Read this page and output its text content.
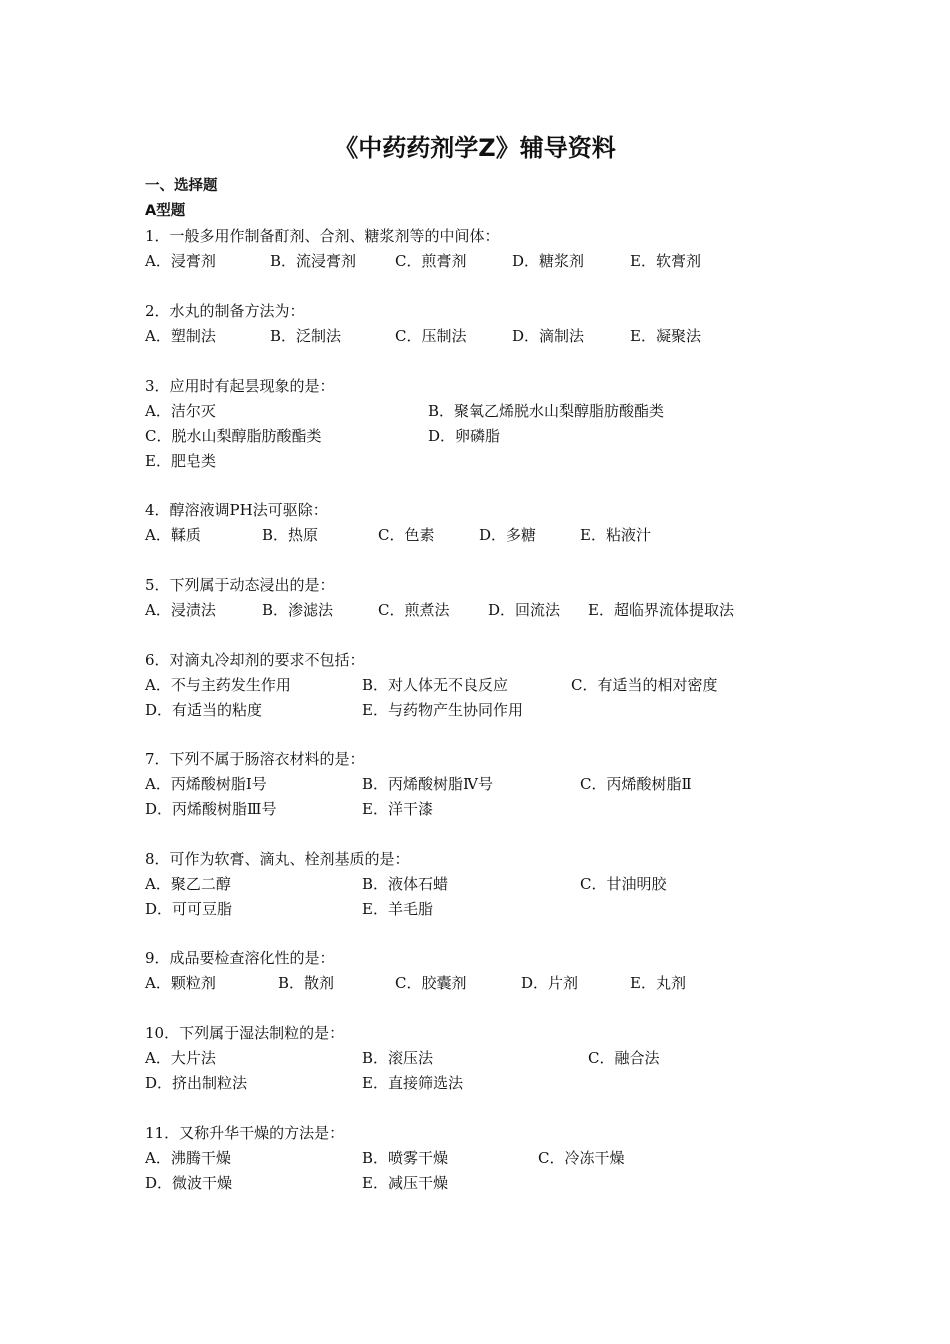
《中药药剂学Z》辅导资料
一、选择题
A型题
1．一般多用作制备酊剂、合剂、糖浆剂等的中间体：
A．浸膏剂	B．流浸膏剂	C．煎膏剂	D．糖浆剂	E．软膏剂
2．水丸的制备方法为：
A．塑制法	B．泛制法	C．压制法	D．滴制法	E．凝聚法
3．应用时有起昙现象的是：
A．洁尔灭	B．聚氧乙烯脱水山梨醇脂肪酸酯类
C．脱水山梨醇脂肪酸酯类	D．卵磷脂
E．肥皂类
4．醇溶液调PH法可驱除：
A．鞣质	B．热原	C．色素	D．多糖	E．粘液汁
5．下列属于动态浸出的是：
A．浸渍法	B．渗滤法	C．煎煮法	D．回流法 E．超临界流体提取法
6．对滴丸冷却剂的要求不包括：
A．不与主药发生作用	B．对人体无不良反应	C．有适当的相对密度
D．有适当的粘度	E．与药物产生协同作用
7．下列不属于肠溶衣材料的是：
A．丙烯酸树脂Ⅰ号	B．丙烯酸树脂Ⅳ号	C．丙烯酸树脂Ⅱ
D．丙烯酸树脂Ⅲ号	E．洋干漆
8．可作为软膏、滴丸、栓剂基质的是：
A．聚乙二醇	B．液体石蜡	C．甘油明胶
D．可可豆脂	E．羊毛脂
9．成品要检查溶化性的是：
A．颗粒剂	B．散剂	C．胶囊剂	D．片剂	E．丸剂
10．下列属于湿法制粒的是：
A．大片法	B．滚压法	C．融合法
D．挤出制粒法	E．直接筛选法
11．又称升华干燥的方法是：
A．沸腾干燥	B．喷雾干燥	C．冷冻干燥
D．微波干燥	E．减压干燥
